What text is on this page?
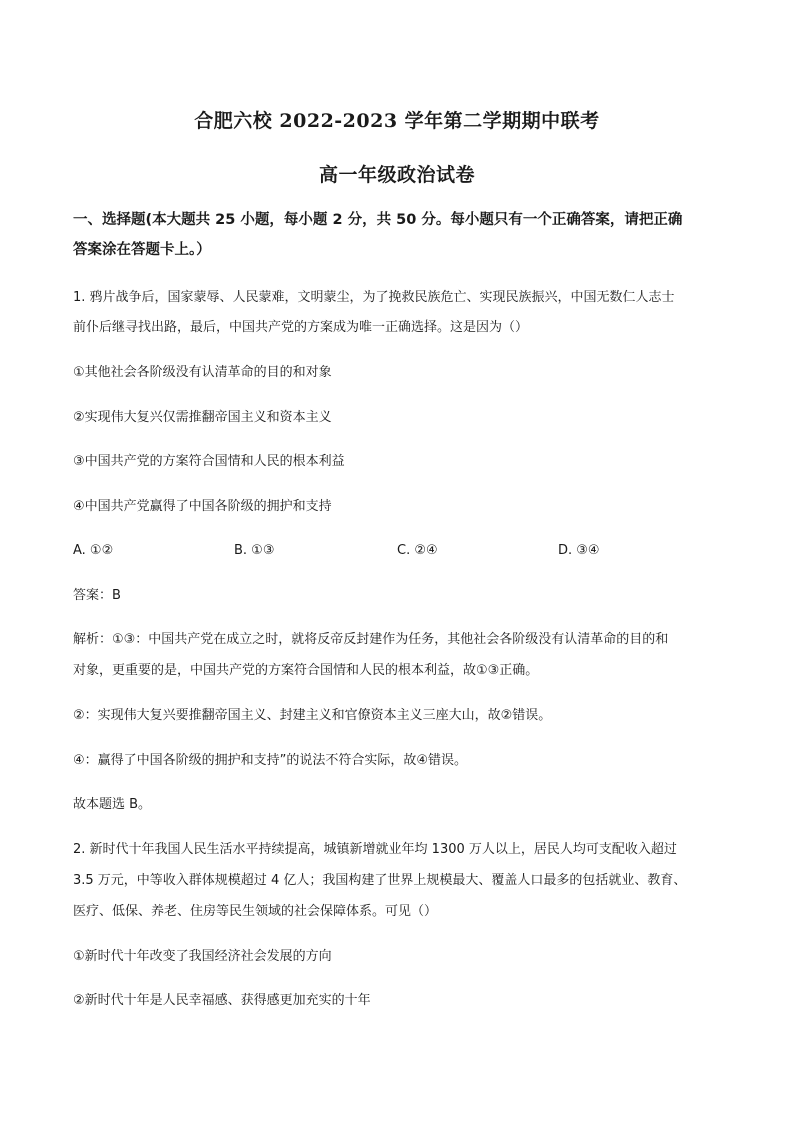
合肥六校 2022-2023 学年第二学期期中联考
高一年级政治试卷
一、选择题(本大题共 25 小题，每小题 2 分，共 50 分。每小题只有一个正确答案，请把正确
答案涂在答题卡上。）
1. 鸦片战争后，国家蒙辱、人民蒙难，文明蒙尘，为了挽救民族危亡、实现民族振兴，中国无数仁人志士
前仆后继寻找出路，最后，中国共产党的方案成为唯一正确选择。这是因为（）
①其他社会各阶级没有认清革命的目的和对象
②实现伟大复兴仅需推翻帝国主义和资本主义
③中国共产党的方案符合国情和人民的根本利益
④中国共产党赢得了中国各阶级的拥护和支持
A. ①②	B. ①③	C. ②④	D. ③④
答案：B
解析：①③：中国共产党在成立之时，就将反帝反封建作为任务，其他社会各阶级没有认清革命的目的和
对象，更重要的是，中国共产党的方案符合国情和人民的根本利益，故①③正确。
②：实现伟大复兴要推翻帝国主义、封建主义和官僚资本主义三座大山，故②错误。
④：赢得了中国各阶级的拥护和支持”的说法不符合实际，故④错误。
故本题选 B。
2. 新时代十年我国人民生活水平持续提高，城镇新增就业年均 1300 万人以上，居民人均可支配收入超过
3.5 万元，中等收入群体规模超过 4 亿人；我国构建了世界上规模最大、覆盖人口最多的包括就业、教育、
医疗、低保、养老、住房等民生领域的社会保障体系。可见（）
①新时代十年改变了我国经济社会发展的方向
②新时代十年是人民幸福感、获得感更加充实的十年
